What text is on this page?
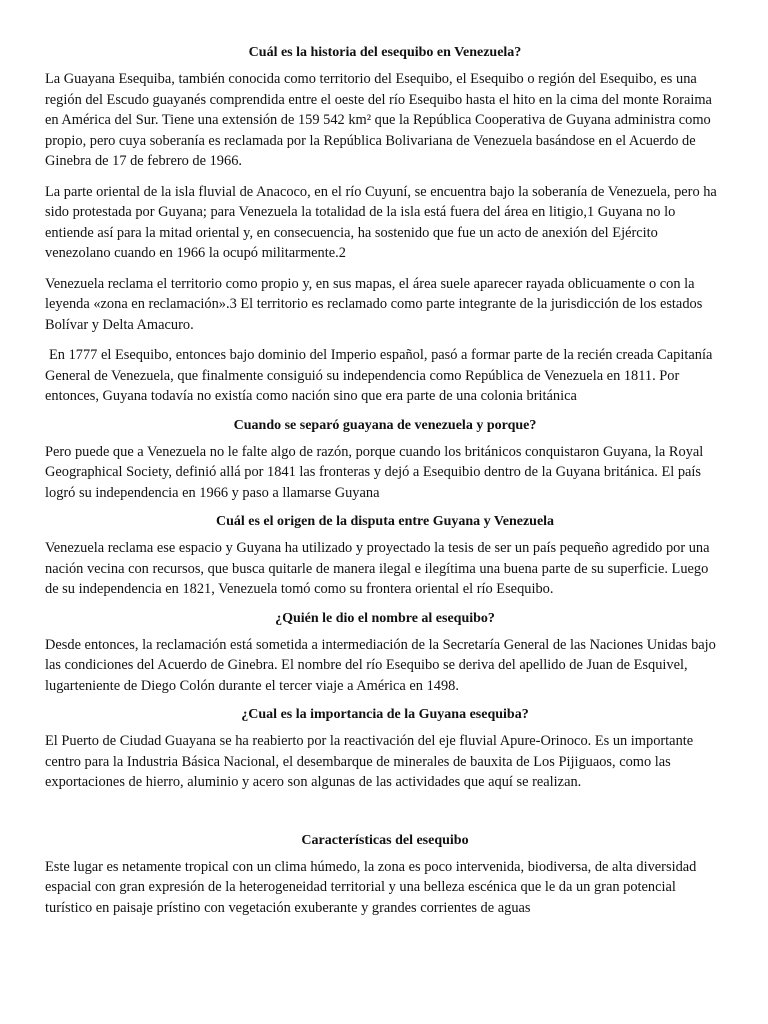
Cuál es la historia del esequibo en Venezuela?

La Guayana Esequiba, también conocida como territorio del Esequibo, el Esequibo o región del Esequibo, es una región del Escudo guayanés comprendida entre el oeste del río Esequibo hasta el hito en la cima del monte Roraima en América del Sur. Tiene una extensión de 159 542 km² que la República Cooperativa de Guyana administra como propio, pero cuya soberanía es reclamada por la República Bolivariana de Venezuela basándose en el Acuerdo de Ginebra de 17 de febrero de 1966.

La parte oriental de la isla fluvial de Anacoco, en el río Cuyuní, se encuentra bajo la soberanía de Venezuela, pero ha sido protestada por Guyana; para Venezuela la totalidad de la isla está fuera del área en litigio,1 Guyana no lo entiende así para la mitad oriental y, en consecuencia, ha sostenido que fue un acto de anexión del Ejército venezolano cuando en 1966 la ocupó militarmente.2

Venezuela reclama el territorio como propio y, en sus mapas, el área suele aparecer rayada oblicuamente o con la leyenda «zona en reclamación».3 El territorio es reclamado como parte integrante de la jurisdicción de los estados Bolívar y Delta Amacuro.

En 1777 el Esequibo, entonces bajo dominio del Imperio español, pasó a formar parte de la recién creada Capitanía General de Venezuela, que finalmente consiguió su independencia como República de Venezuela en 1811. Por entonces, Guyana todavía no existía como nación sino que era parte de una colonia británica

Cuando se separó guayana de venezuela y porque?

Pero puede que a Venezuela no le falte algo de razón, porque cuando los británicos conquistaron Guyana, la Royal Geographical Society, definió allá por 1841 las fronteras y dejó a Esequibio dentro de la Guyana británica. El país logró su independencia en 1966 y paso a llamarse Guyana

Cuál es el origen de la disputa entre Guyana y Venezuela

Venezuela reclama ese espacio y Guyana ha utilizado y proyectado la tesis de ser un país pequeño agredido por una nación vecina con recursos, que busca quitarle de manera ilegal e ilegítima una buena parte de su superficie. Luego de su independencia en 1821, Venezuela tomó como su frontera oriental el río Esequibo.

¿Quién le dio el nombre al esequibo?

Desde entonces, la reclamación está sometida a intermediación de la Secretaría General de las Naciones Unidas bajo las condiciones del Acuerdo de Ginebra. El nombre del río Esequibo se deriva del apellido de Juan de Esquivel, lugarteniente de Diego Colón durante el tercer viaje a América en 1498.

¿Cual es la importancia de la Guyana esequiba?

El Puerto de Ciudad Guayana se ha reabierto por la reactivación del eje fluvial Apure-Orinoco. Es un importante centro para la Industria Básica Nacional, el desembarque de minerales de bauxita de Los Pijiguaos, como las exportaciones de hierro, aluminio y acero son algunas de las actividades que aquí se realizan.

Características del esequibo

Este lugar es netamente tropical con un clima húmedo, la zona es poco intervenida, biodiversa, de alta diversidad espacial con gran expresión de la heterogeneidad territorial y una belleza escénica que le da un gran potencial turístico en paisaje prístino con vegetación exuberante y grandes corrientes de aguas
